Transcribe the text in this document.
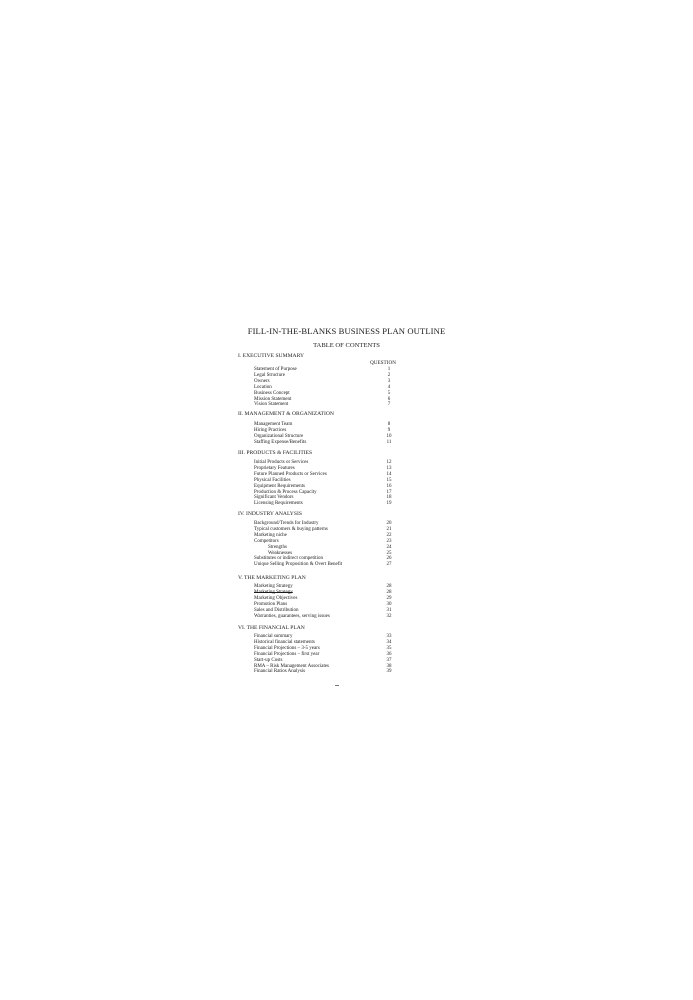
FILL-IN-THE-BLANKS BUSINESS PLAN OUTLINE
TABLE OF CONTENTS
QUESTION
I. EXECUTIVE SUMMARY
Statement of Purpose	1
Legal Structure	2
Owners	3
Location	4
Business Concept	5
Mission Statement	6
Vision Statement	7
II. MANAGEMENT & ORGANIZATION
Management Team	8
Hiring Practices	9
Organizational Structure	10
Staffing Expense/Benefits	11
III. PRODUCTS & FACILITIES
Initial Products or Services	12
Proprietary Features	13
Future Planned Products or Services	14
Physical Facilities	15
Equipment Requirements	16
Production & Process Capacity	17
Significant Vendors	18
Licensing Requirements	19
IV. INDUSTRY ANALYSIS
Background/Trends for Industry	20
Typical customers & buying patterns	21
Marketing niche	22
Competitors	23
Strengths	24
Weaknesses	25
Substitutes or indirect competition	26
Unique Selling Proposition & Overt Benefit	27
V. THE MARKETING PLAN
Marketing Strategy	28
Marketing Strategy	28
Marketing Objectives	29
Promotion Plans	30
Sales and Distribution	31
Warranties, guarantees, serving issues	32
VI. THE FINANCIAL PLAN
Financial summary	33
Historical financial statements	34
Financial Projections – 3-5 years	35
Financial Projections – first year	36
Start-up Costs	37
RMA – Risk Management Associates	38
Financial Ratios Analysis	39
